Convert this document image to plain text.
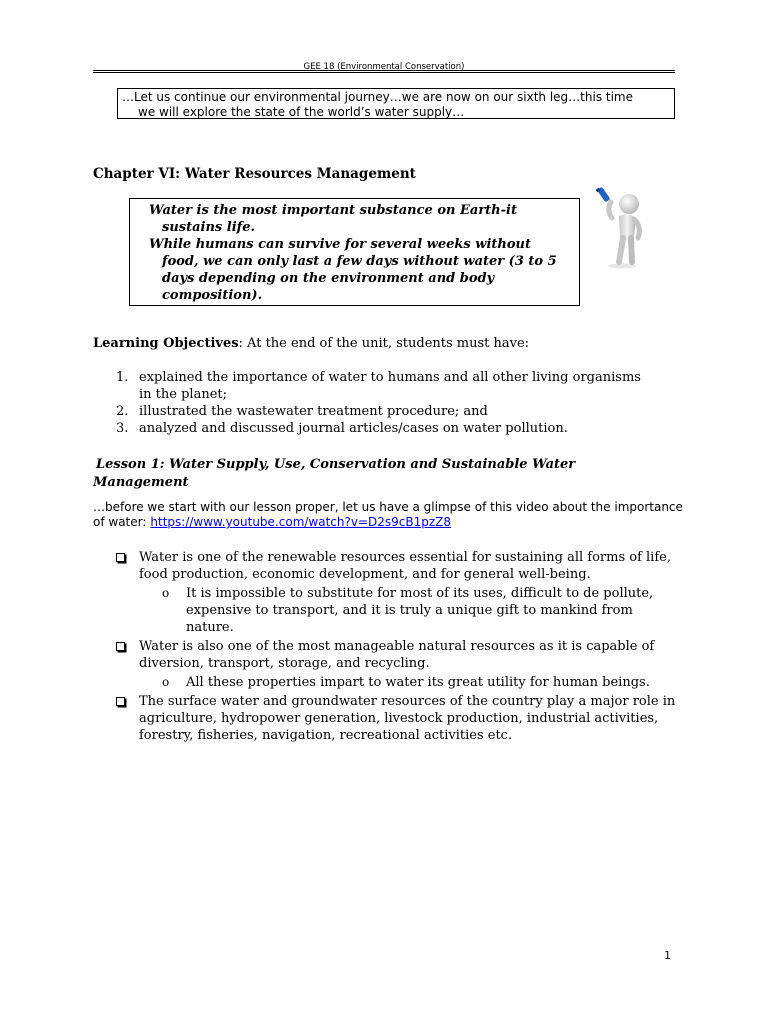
GEE 18 (Environmental Conservation)
…Let us continue our environmental journey…we are now on our sixth leg…this time
we will explore the state of the world’s water supply…
Chapter VI: Water Resources Management

Water is the most important substance on Earth-it sustains life.

While humans can survive for several weeks without food, we can only last a few days without water (3 to 5 days depending on the environment and body composition).

Learning Objectives: At the end of the unit, students must have:
1. explained the importance of water to humans and all other living organisms in the planet;
2. illustrated the wastewater treatment procedure; and
3. analyzed and discussed journal articles/cases on water pollution.
Lesson 1: Water Supply, Use, Conservation and Sustainable Water Management
…before we start with our lesson proper, let us have a glimpse of this video about the importance of water: https://www.youtube.com/watch?v=D2s9cB1pzZ8

Water is one of the renewable resources essential for sustaining all forms of life, food production, economic development, and for general well-being.

o It is impossible to substitute for most of its uses, difficult to de pollute, expensive to transport, and it is truly a unique gift to mankind from nature.

Water is also one of the most manageable natural resources as it is capable of diversion, transport, storage, and recycling.

o All these properties impart to water its great utility for human beings.

The surface water and groundwater resources of the country play a major role in agriculture, hydropower generation, livestock production, industrial activities, forestry, fisheries, navigation, recreational activities etc.

1
